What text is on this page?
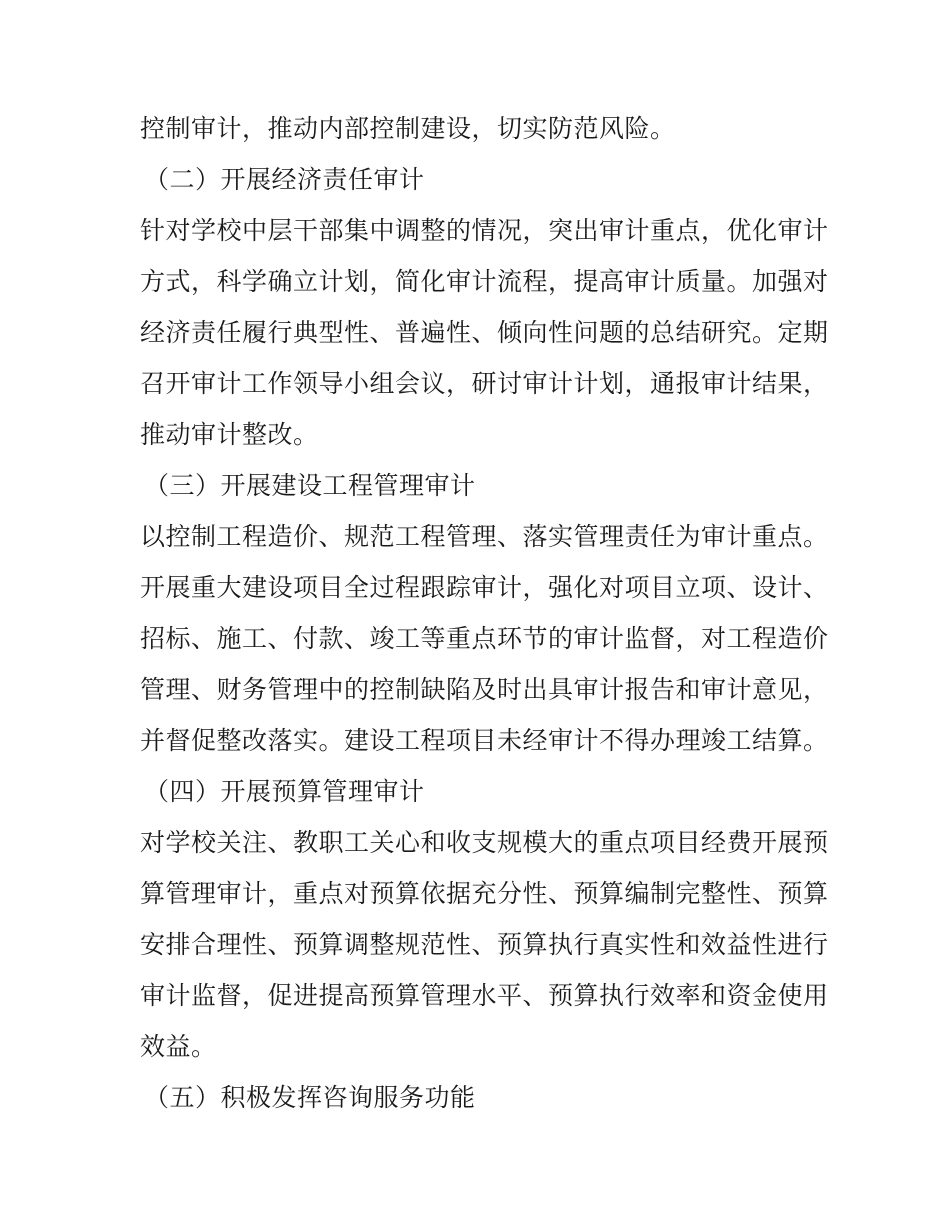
控制审计，推动内部控制建设，切实防范风险。
（二）开展经济责任审计
针对学校中层干部集中调整的情况，突出审计重点，优化审计
方式，科学确立计划，简化审计流程，提高审计质量。加强对
经济责任履行典型性、普遍性、倾向性问题的总结研究。定期
召开审计工作领导小组会议，研讨审计计划，通报审计结果，
推动审计整改。
（三）开展建设工程管理审计
以控制工程造价、规范工程管理、落实管理责任为审计重点。
开展重大建设项目全过程跟踪审计，强化对项目立项、设计、
招标、施工、付款、竣工等重点环节的审计监督，对工程造价
管理、财务管理中的控制缺陷及时出具审计报告和审计意见，
并督促整改落实。建设工程项目未经审计不得办理竣工结算。
（四）开展预算管理审计
对学校关注、教职工关心和收支规模大的重点项目经费开展预
算管理审计，重点对预算依据充分性、预算编制完整性、预算
安排合理性、预算调整规范性、预算执行真实性和效益性进行
审计监督，促进提高预算管理水平、预算执行效率和资金使用
效益。
（五）积极发挥咨询服务功能
